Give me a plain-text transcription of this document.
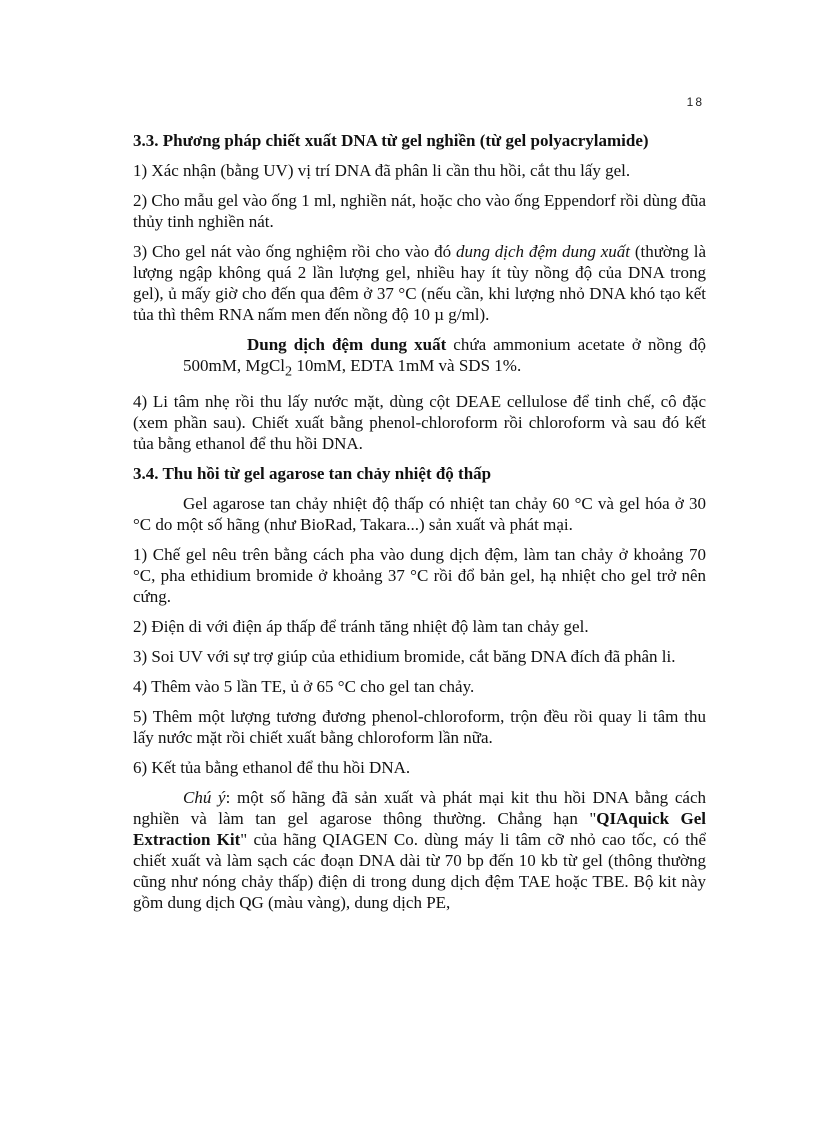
18
3.3. Phương pháp chiết xuất DNA từ gel nghiền (từ gel polyacrylamide)

1) Xác nhận (bằng UV) vị trí DNA đã phân li cần thu hồi, cắt thu lấy gel.

2) Cho mẫu gel vào ống 1 ml, nghiền nát, hoặc cho vào ống Eppendorf rồi dùng đũa thủy tinh nghiền nát.

3) Cho gel nát vào ống nghiệm rồi cho vào đó dung dịch đệm dung xuất (thường là lượng ngập không quá 2 lần lượng gel, nhiều hay ít tùy nồng độ của DNA trong gel), ủ mấy giờ cho đến qua đêm ở 37 °C (nếu cần, khi lượng nhỏ DNA khó tạo kết tủa thì thêm RNA nấm men đến nồng độ 10 µ g/ml).

Dung dịch đệm dung xuất chứa ammonium acetate ở nồng độ 500mM, MgCl$_2$ 10mM, EDTA 1mM và SDS 1%.

4) Li tâm nhẹ rồi thu lấy nước mặt, dùng cột DEAE cellulose để tinh chế, cô đặc (xem phần sau). Chiết xuất bằng phenol-chloroform rồi chloroform và sau đó kết tủa bằng ethanol để thu hồi DNA.

3.4. Thu hồi từ gel agarose tan chảy nhiệt độ thấp

Gel agarose tan chảy nhiệt độ thấp có nhiệt tan chảy 60 °C và gel hóa ở 30 °C do một số hãng (như BioRad, Takara...) sản xuất và phát mại.

1) Chế gel nêu trên bằng cách pha vào dung dịch đệm, làm tan chảy ở khoảng 70 °C, pha ethidium bromide ở khoảng 37 °C rồi đổ bản gel, hạ nhiệt cho gel trở nên cứng.

2) Điện di với điện áp thấp để tránh tăng nhiệt độ làm tan chảy gel.

3) Soi UV với sự trợ giúp của ethidium bromide, cắt băng DNA đích đã phân li.

4) Thêm vào 5 lần TE, ủ ở 65 °C cho gel tan chảy.

5) Thêm một lượng tương đương phenol-chloroform, trộn đều rồi quay li tâm thu lấy nước mặt rồi chiết xuất bằng chloroform lần nữa.

6) Kết tủa bằng ethanol để thu hồi DNA.

Chú ý: một số hãng đã sản xuất và phát mại kit thu hồi DNA bằng cách nghiền và làm tan gel agarose thông thường. Chẳng hạn "QIAquick Gel Extraction Kit" của hãng QIAGEN Co. dùng máy li tâm cỡ nhỏ cao tốc, có thể chiết xuất và làm sạch các đoạn DNA dài từ 70 bp đến 10 kb từ gel (thông thường cũng như nóng chảy thấp) điện di trong dung dịch đệm TAE hoặc TBE. Bộ kit này gồm dung dịch QG (màu vàng), dung dịch PE,
